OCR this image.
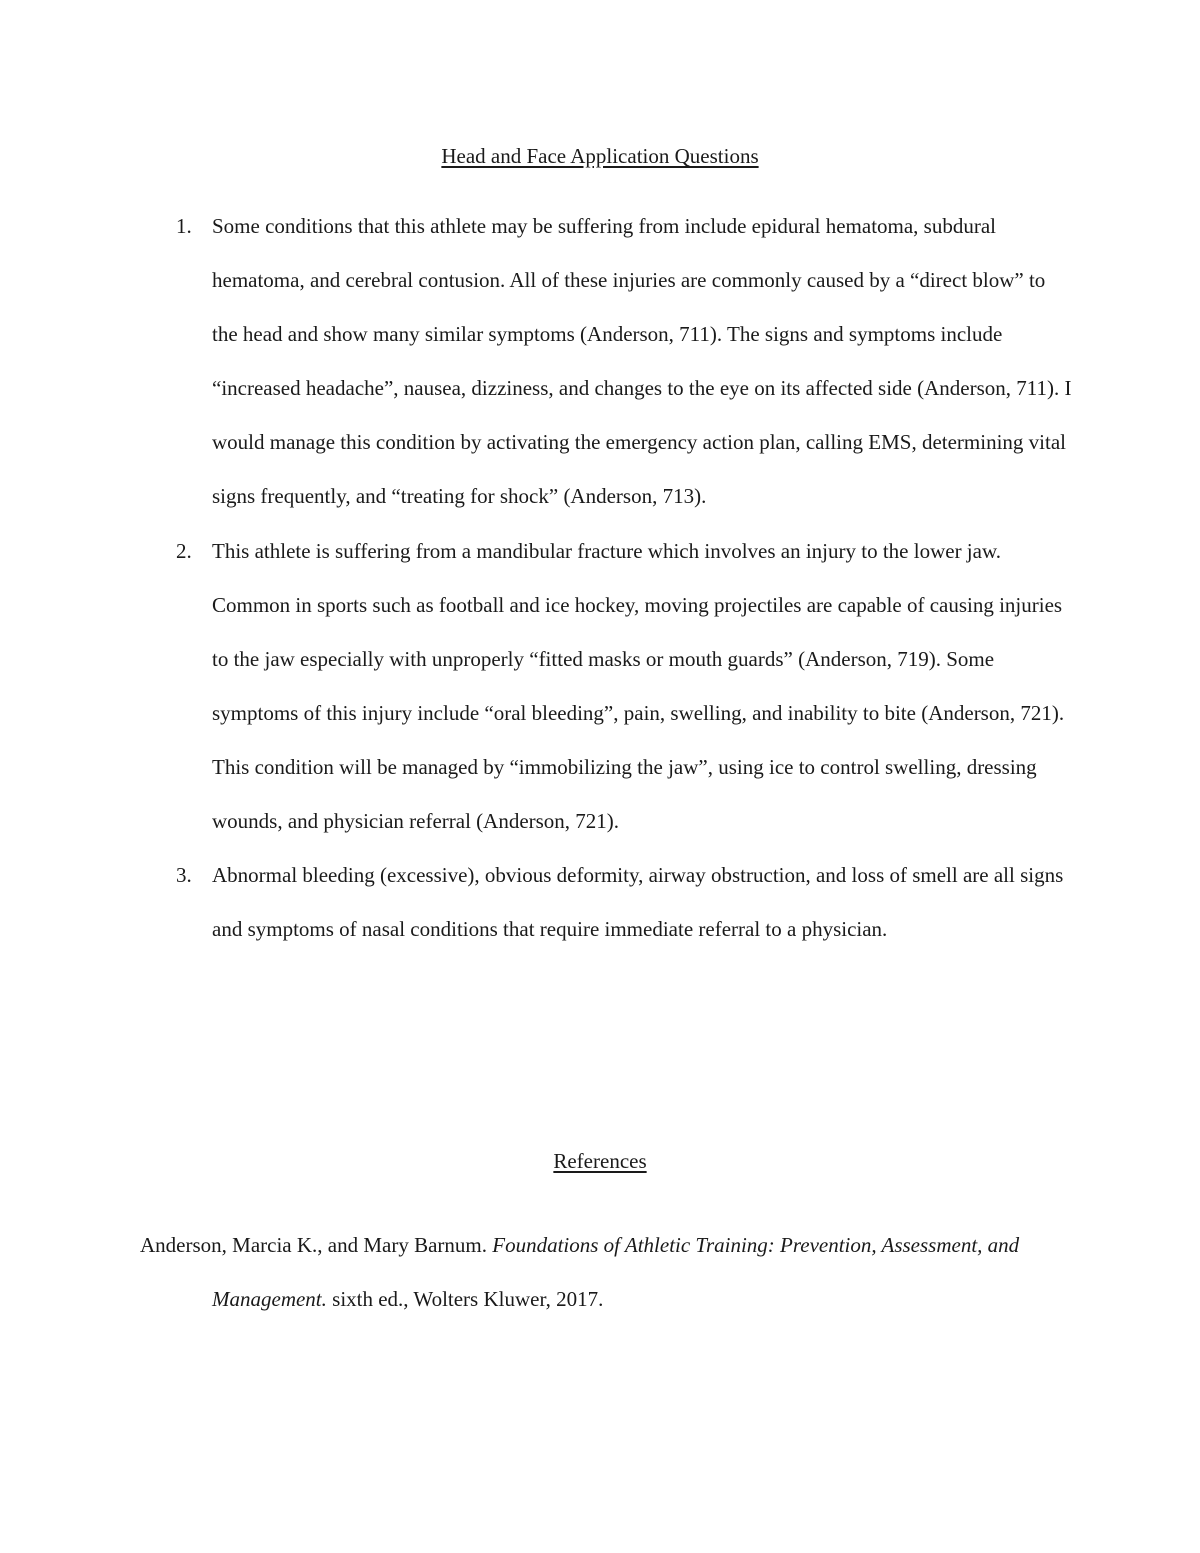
Head and Face Application Questions
1. Some conditions that this athlete may be suffering from include epidural hematoma, subdural hematoma, and cerebral contusion. All of these injuries are commonly caused by a “direct blow” to the head and show many similar symptoms (Anderson, 711). The signs and symptoms include “increased headache”, nausea, dizziness, and changes to the eye on its affected side (Anderson, 711). I would manage this condition by activating the emergency action plan, calling EMS, determining vital signs frequently, and “treating for shock” (Anderson, 713).
2. This athlete is suffering from a mandibular fracture which involves an injury to the lower jaw. Common in sports such as football and ice hockey, moving projectiles are capable of causing injuries to the jaw especially with unproperly “fitted masks or mouth guards” (Anderson, 719). Some symptoms of this injury include “oral bleeding”, pain, swelling, and inability to bite (Anderson, 721). This condition will be managed by “immobilizing the jaw”, using ice to control swelling, dressing wounds, and physician referral (Anderson, 721).
3. Abnormal bleeding (excessive), obvious deformity, airway obstruction, and loss of smell are all signs and symptoms of nasal conditions that require immediate referral to a physician.
References
Anderson, Marcia K., and Mary Barnum. Foundations of Athletic Training: Prevention, Assessment, and Management. sixth ed., Wolters Kluwer, 2017.
